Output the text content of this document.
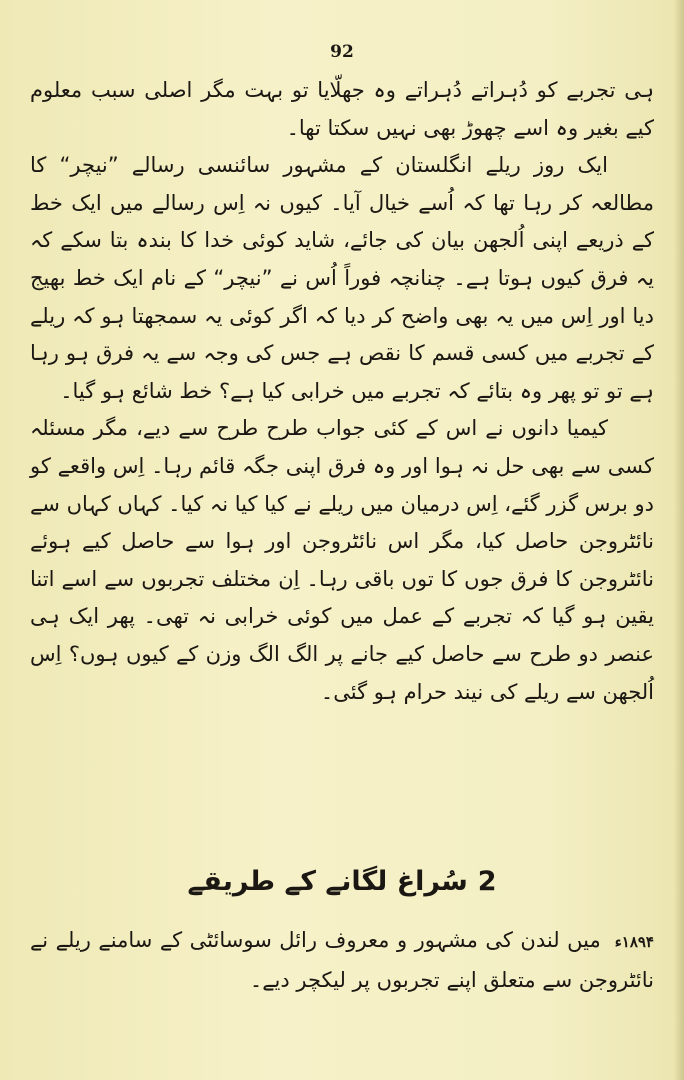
92

ہی تجربے کو دُہراتے دُہراتے وہ جھلّایا تو بہت مگر اصلی سبب معلوم کیے بغیر وہ اسے چھوڑ بھی نہیں سکتا تھا۔

ایک روز ریلے انگلستان کے مشہور سائنسی رسالے ”نیچر“ کا مطالعہ کر رہا تھا کہ اُسے خیال آیا۔ کیوں نہ اِس رسالے میں ایک خط کے ذریعے اپنی اُلجھن بیان کی جائے، شاید کوئی خدا کا بندہ بتا سکے کہ یہ فرق کیوں ہوتا ہے۔ چنانچہ فوراً اُس نے ”نیچر“ کے نام ایک خط بھیج دیا اور اِس میں یہ بھی واضح کر دیا کہ اگر کوئی یہ سمجھتا ہو کہ ریلے کے تجربے میں کسی قسم کا نقص ہے جس کی وجہ سے یہ فرق ہو رہا ہے تو تو پھر وہ بتائے کہ تجربے میں خرابی کیا ہے؟ خط شائع ہو گیا۔

کیمیا دانوں نے اس کے کئی جواب طرح طرح سے دیے، مگر مسئلہ کسی سے بھی حل نہ ہوا اور وہ فرق اپنی جگہ قائم رہا۔ اِس واقعے کو دو برس گزر گئے، اِس درمیان میں ریلے نے کیا کیا نہ کیا۔ کہاں کہاں سے نائٹروجن حاصل کیا، مگر اس نائٹروجن اور ہوا سے حاصل کیے ہوئے نائٹروجن کا فرق جوں کا توں باقی رہا۔ اِن مختلف تجربوں سے اسے اتنا یقین ہو گیا کہ تجربے کے عمل میں کوئی خرابی نہ تھی۔ پھر ایک ہی عنصر دو طرح سے حاصل کیے جانے پر الگ الگ وزن کے کیوں ہوں؟ اِس اُلجھن سے ریلے کی نیند حرام ہو گئی۔

2سُراغ لگانے کے طریقے
۱۸۹۴ءمیں لندن کی مشہور و معروف رائل سوسائٹی کے سامنے ریلے نے نائٹروجن سے متعلق اپنے تجربوں پر لیکچر دیے۔
